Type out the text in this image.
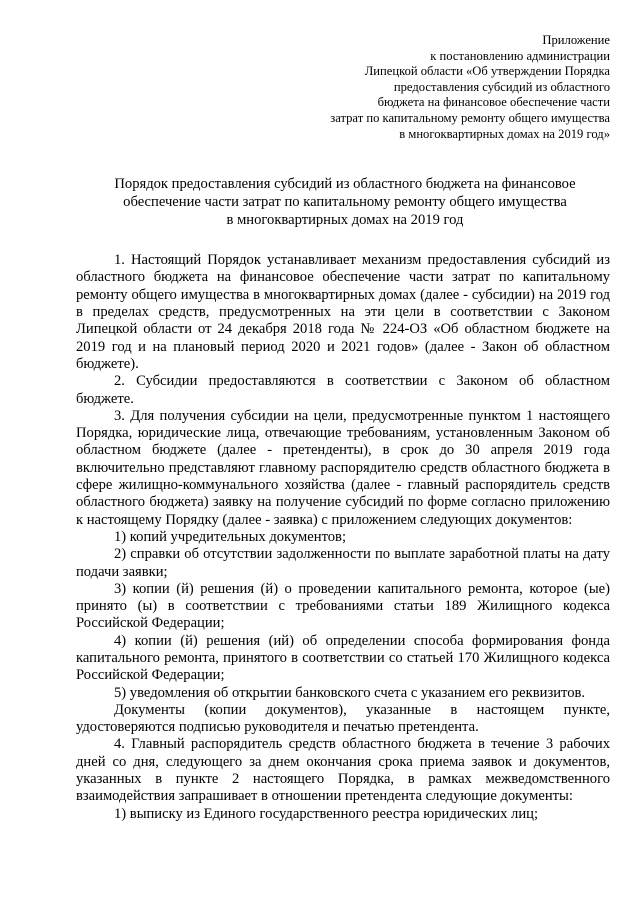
Приложение
к постановлению администрации
Липецкой области «Об утверждении Порядка
предоставления субсидий из областного
бюджета на финансовое обеспечение части
затрат по капитальному ремонту общего имущества
в многоквартирных домах на 2019 год»
Порядок предоставления субсидий из областного бюджета на финансовое
обеспечение части затрат по капитальному ремонту общего имущества
в многоквартирных домах на 2019 год

1. Настоящий Порядок устанавливает механизм предоставления субсидий из областного бюджета на финансовое обеспечение части затрат по капитальному ремонту общего имущества в многоквартирных домах (далее - субсидии) на 2019 год в пределах средств, предусмотренных на эти цели в соответствии с Законом Липецкой области от 24 декабря 2018 года № 224-ОЗ «Об областном бюджете на 2019 год и на плановый период 2020 и 2021 годов» (далее - Закон об областном бюджете).

2. Субсидии предоставляются в соответствии с Законом об областном бюджете.

3. Для получения субсидии на цели, предусмотренные пунктом 1 настоящего Порядка, юридические лица, отвечающие требованиям, установленным Законом об областном бюджете (далее - претенденты), в срок до 30 апреля 2019 года включительно представляют главному распорядителю средств областного бюджета в сфере жилищно-коммунального хозяйства (далее - главный распорядитель средств областного бюджета) заявку на получение субсидий по форме согласно приложению к настоящему Порядку (далее - заявка) с приложением следующих документов:

1) копий учредительных документов;

2) справки об отсутствии задолженности по выплате заработной платы на дату подачи заявки;

3) копии (й) решения (й) о проведении капитального ремонта, которое (ые) принято (ы) в соответствии с требованиями статьи 189 Жилищного кодекса Российской Федерации;

4) копии (й) решения (ий) об определении способа формирования фонда капитального ремонта, принятого в соответствии со статьей 170 Жилищного кодекса Российской Федерации;

5) уведомления об открытии банковского счета с указанием его реквизитов.

Документы (копии документов), указанные в настоящем пункте, удостоверяются подписью руководителя и печатью претендента.

4. Главный распорядитель средств областного бюджета в течение 3 рабочих дней со дня, следующего за днем окончания срока приема заявок и документов, указанных в пункте 2 настоящего Порядка, в рамках межведомственного взаимодействия запрашивает в отношении претендента следующие документы:

1) выписку из Единого государственного реестра юридических лиц;
